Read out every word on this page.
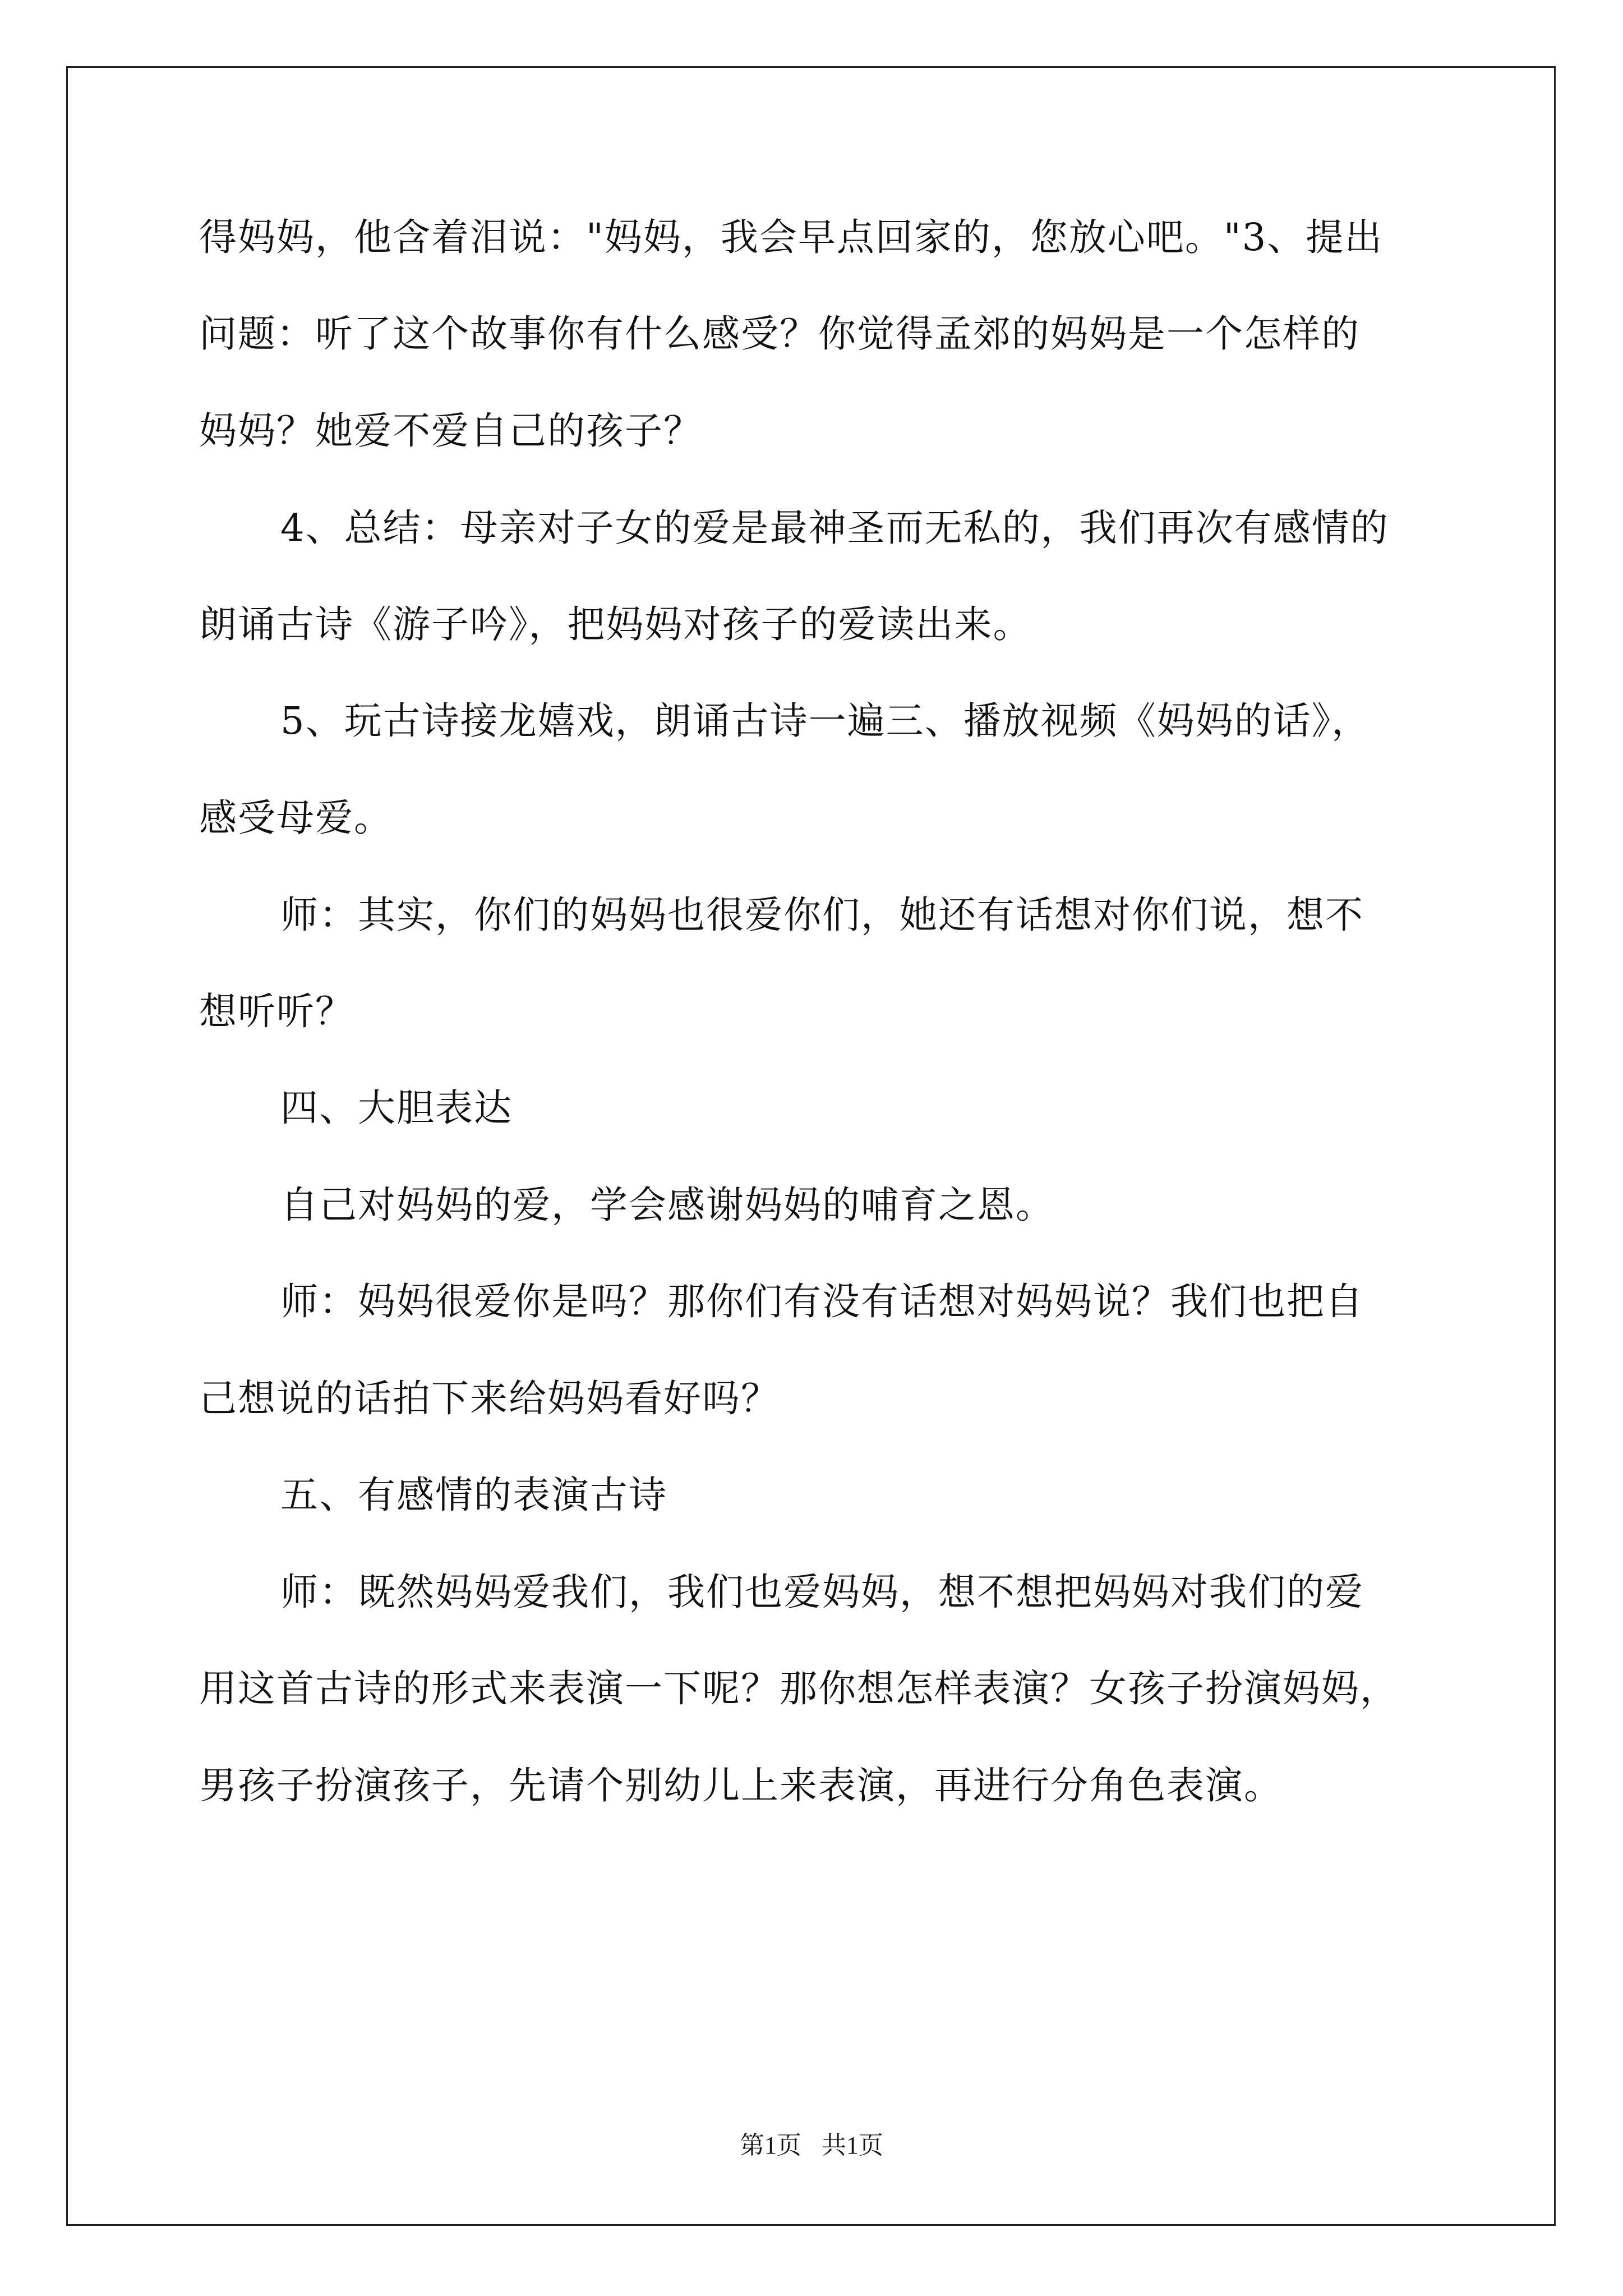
得妈妈，他含着泪说："妈妈，我会早点回家的，您放心吧。"3、提出
问题：听了这个故事你有什么感受？你觉得孟郊的妈妈是一个怎样的
妈妈？她爱不爱自己的孩子？
4、总结：母亲对子女的爱是最神圣而无私的，我们再次有感情的
朗诵古诗《游子吟》，把妈妈对孩子的爱读出来。
5、玩古诗接龙嬉戏，朗诵古诗一遍三、播放视频《妈妈的话》，
感受母爱。
师：其实，你们的妈妈也很爱你们，她还有话想对你们说，想不
想听听？
四、大胆表达
自己对妈妈的爱，学会感谢妈妈的哺育之恩。
师：妈妈很爱你是吗？那你们有没有话想对妈妈说？我们也把自
己想说的话拍下来给妈妈看好吗？
五、有感情的表演古诗
师：既然妈妈爱我们，我们也爱妈妈，想不想把妈妈对我们的爱
用这首古诗的形式来表演一下呢？那你想怎样表演？女孩子扮演妈妈，
男孩子扮演孩子，先请个别幼儿上来表演，再进行分角色表演。
第1页 共1页
